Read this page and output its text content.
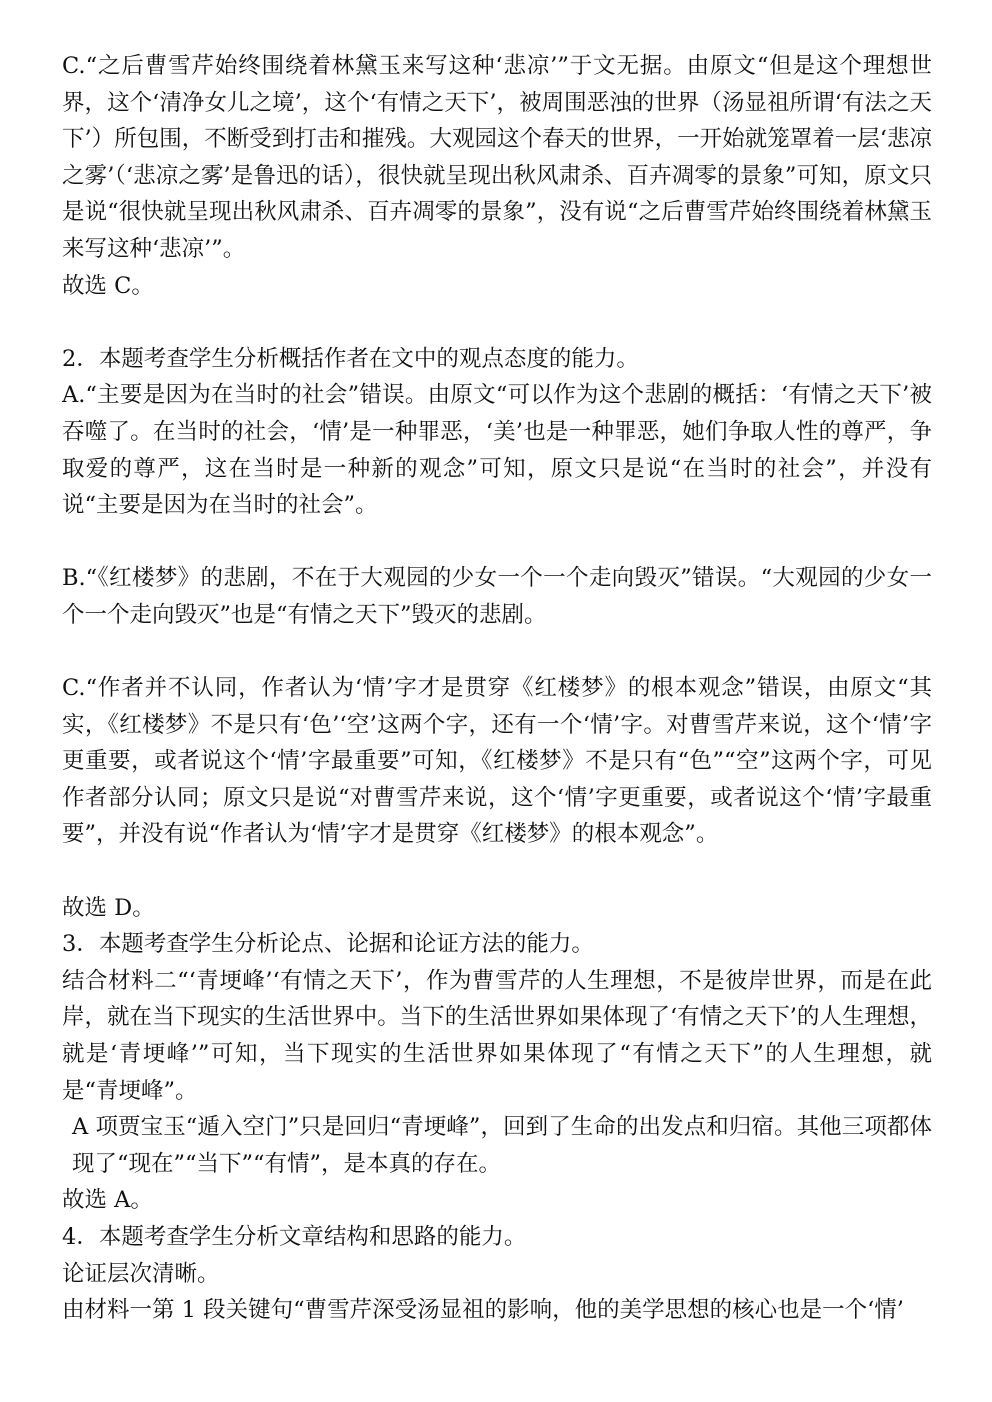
C.“之后曹雪芹始终围绕着林黛玉来写这种‘悲凉’”于文无据。由原文“但是这个理想世界，这个‘清净女儿之境’，这个‘有情之天下’，被周围恶浊的世界（汤显祖所谓‘有法之天下’）所包围，不断受到打击和摧残。大观园这个春天的世界，一开始就笼罩着一层‘悲凉之雾’（‘悲凉之雾’是鲁迅的话），很快就呈现出秋风肃杀、百卉凋零的景象”可知，原文只是说“很快就呈现出秋风肃杀、百卉凋零的景象”，没有说“之后曹雪芹始终围绕着林黛玉来写这种‘悲凉’”。
故选 C。
2．本题考查学生分析概括作者在文中的观点态度的能力。
A.“主要是因为在当时的社会”错误。由原文“可以作为这个悲剧的概括：‘有情之天下’被吞噬了。在当时的社会，‘情’是一种罪恶，‘美’也是一种罪恶，她们争取人性的尊严，争取爱的尊严，这在当时是一种新的观念”可知，原文只是说“在当时的社会”，并没有说“主要是因为在当时的社会”。
B.“《红楼梦》的悲剧，不在于大观园的少女一个一个走向毁灭”错误。“大观园的少女一个一个走向毁灭”也是“有情之天下”毁灭的悲剧。
C.“作者并不认同，作者认为‘情’字才是贯穿《红楼梦》的根本观念”错误，由原文“其实，《红楼梦》不是只有‘色’‘空’这两个字，还有一个‘情’字。对曹雪芹来说，这个‘情’字更重要，或者说这个‘情’字最重要”可知，《红楼梦》不是只有“色”“空”这两个字，可见作者部分认同；原文只是说“对曹雪芹来说，这个‘情’字更重要，或者说这个‘情’字最重要”，并没有说“作者认为‘情’字才是贯穿《红楼梦》的根本观念”。
故选 D。
3．本题考查学生分析论点、论据和论证方法的能力。
结合材料二“‘青埂峰’‘有情之天下’，作为曹雪芹的人生理想，不是彼岸世界，而是在此岸，就在当下现实的生活世界中。当下的生活世界如果体现了‘有情之天下’的人生理想，就是‘青埂峰’”可知，当下现实的生活世界如果体现了“有情之天下”的人生理想，就是“青埂峰”。
A 项贾宝玉“遁入空门”只是回归“青埂峰”，回到了生命的出发点和归宿。其他三项都体现了“现在”“当下”“有情”，是本真的存在。
故选 A。
4．本题考查学生分析文章结构和思路的能力。
论证层次清晰。
由材料一第 1 段关键句“曹雪芹深受汤显祖的影响，他的美学思想的核心也是一个‘情’
